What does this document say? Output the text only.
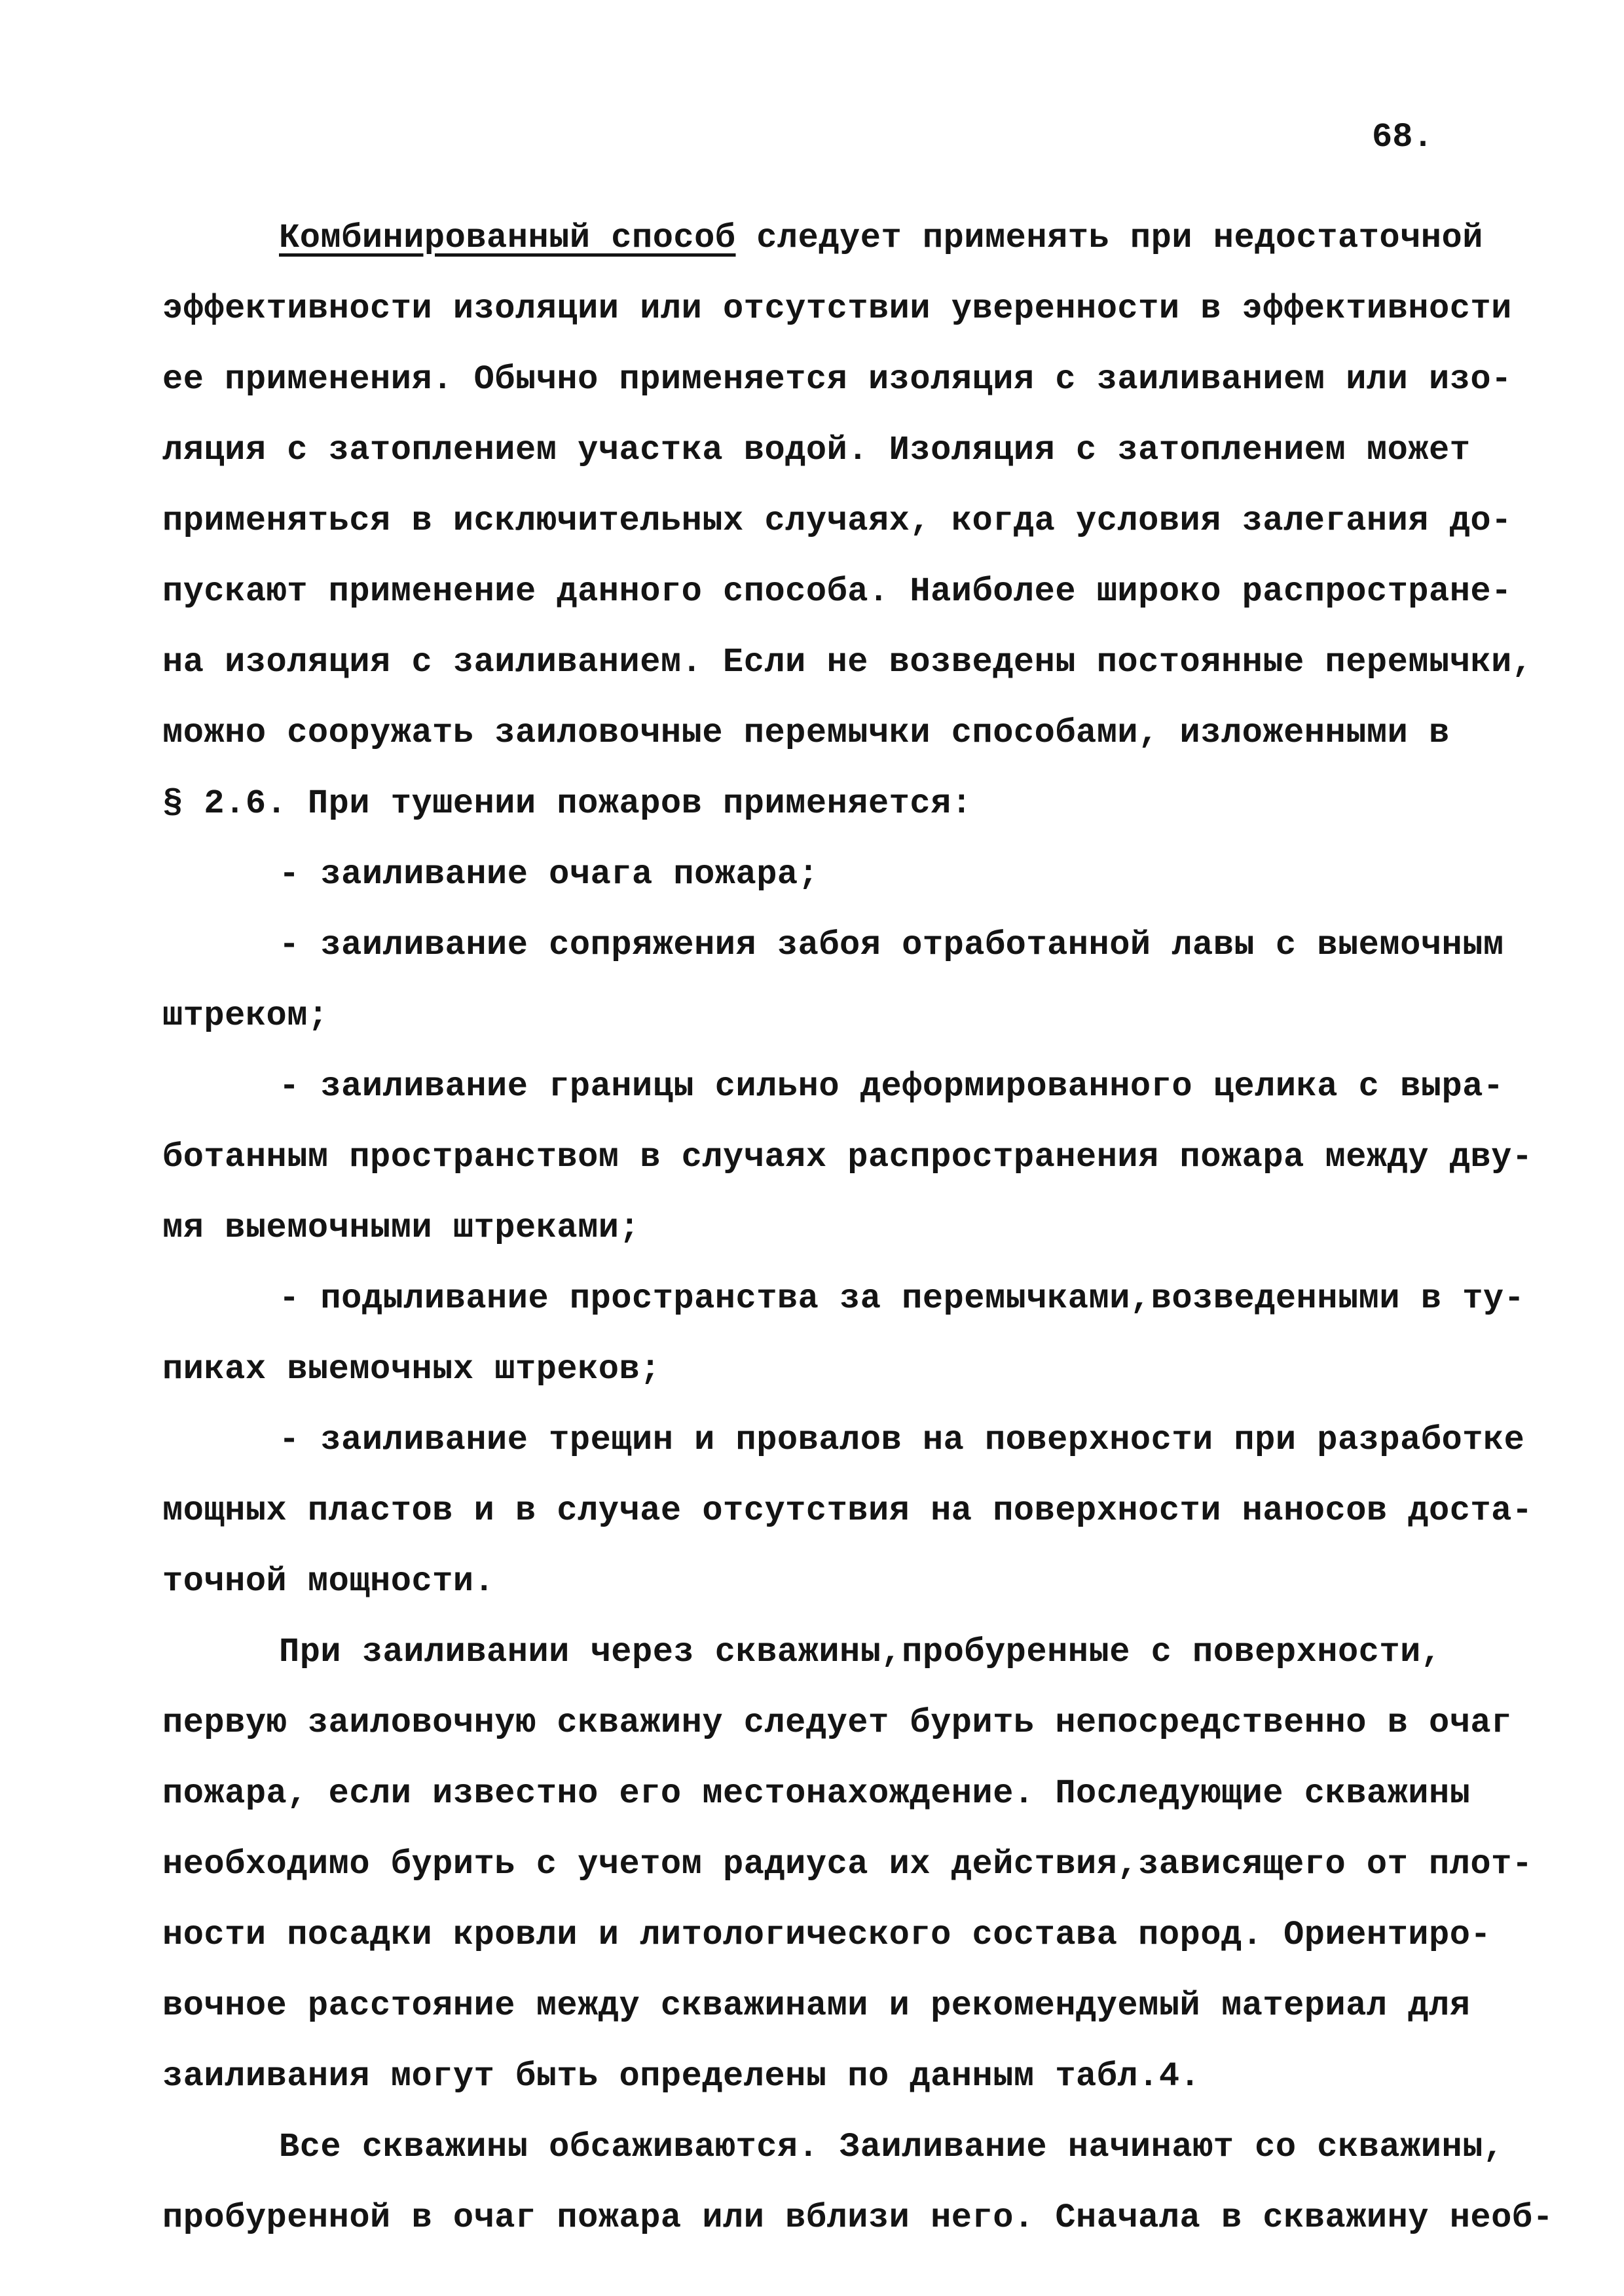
68.
Комбинированный способ следует применять при недостаточной
эффективности изоляции или отсутствии уверенности в эффективности
ее применения. Обычно применяется изоляция с заиливанием или изо-
ляция с затоплением участка водой. Изоляция с затоплением может
применяться в исключительных случаях, когда условия залегания до-
пускают применение данного способа. Наиболее широко распростране-
на изоляция с заиливанием. Если не возведены постоянные перемычки,
можно сооружать заиловочные перемычки способами, изложенными в
§ 2.6. При тушении пожаров применяется:
- заиливание очага пожара;
- заиливание сопряжения забоя отработанной лавы с выемочным
штреком;
- заиливание границы сильно деформированного целика с выра-
ботанным пространством в случаях распространения пожара между дву-
мя выемочными штреками;
- подыливание пространства за перемычками,возведенными в ту-
пиках выемочных штреков;
- заиливание трещин и провалов на поверхности при разработке
мощных пластов и в случае отсутствия на поверхности наносов доста-
точной мощности.
При заиливании через скважины,пробуренные с поверхности,
первую заиловочную скважину следует бурить непосредственно в очаг
пожара, если известно его местонахождение. Последующие скважины
необходимо бурить с учетом радиуса их действия,зависящего от плот-
ности посадки кровли и литологического состава пород. Ориентиро-
вочное расстояние между скважинами и рекомендуемый материал для
заиливания могут быть определены по данным табл.4.
Все скважины обсаживаются. Заиливание начинают со скважины,
пробуренной в очаг пожара или вблизи него. Сначала в скважину необ-
